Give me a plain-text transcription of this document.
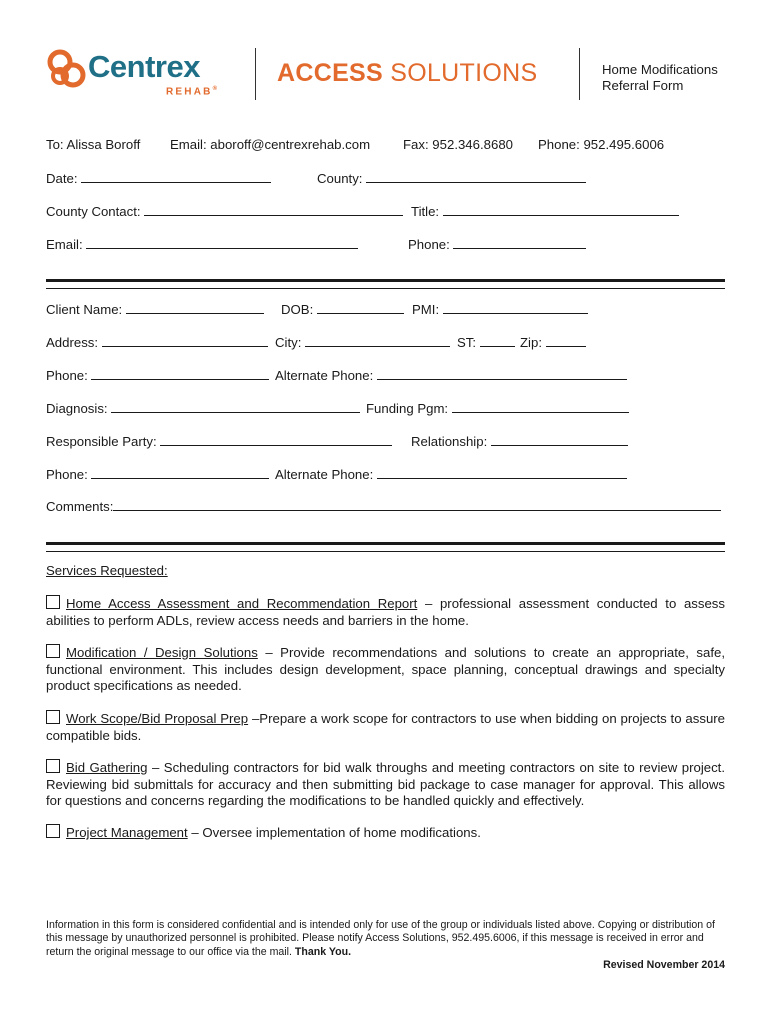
Centrex
REHAB®
ACCESS SOLUTIONS	Home Modifications
Referral Form
To: Alissa Boroff Email: aboroff@centrexrehab.com Fax: 952.346.8680 Phone: 952.495.6006
Date:	County:
County Contact:	Title:
Email:	Phone:
Client Name:	DOB:	PMI:
Address:	City:	ST:	Zip:
Phone:	Alternate Phone:
Diagnosis:	Funding Pgm:
Responsible Party:	Relationship:
Phone:	Alternate Phone:
Comments:
Services Requested:
Home Access Assessment and Recommendation Report – professional assessment conducted to assess abilities to perform ADLs, review access needs and barriers in the home.
Modification / Design Solutions – Provide recommendations and solutions to create an appropriate, safe, functional environment. This includes design development, space planning, conceptual drawings and specialty product specifications as needed.
Work Scope/Bid Proposal Prep –Prepare a work scope for contractors to use when bidding on projects to assure compatible bids.
Bid Gathering – Scheduling contractors for bid walk throughs and meeting contractors on site to review project. Reviewing bid submittals for accuracy and then submitting bid package to case manager for approval. This allows for questions and concerns regarding the modifications to be handled quickly and effectively.
Project Management – Oversee implementation of home modifications.
Information in this form is considered confidential and is intended only for use of the group or individuals listed above. Copying or distribution of this message by unauthorized personnel is prohibited. Please notify Access Solutions, 952.495.6006, if this message is received in error and return the original message to our office via the mail. Thank You.
Revised November 2014
